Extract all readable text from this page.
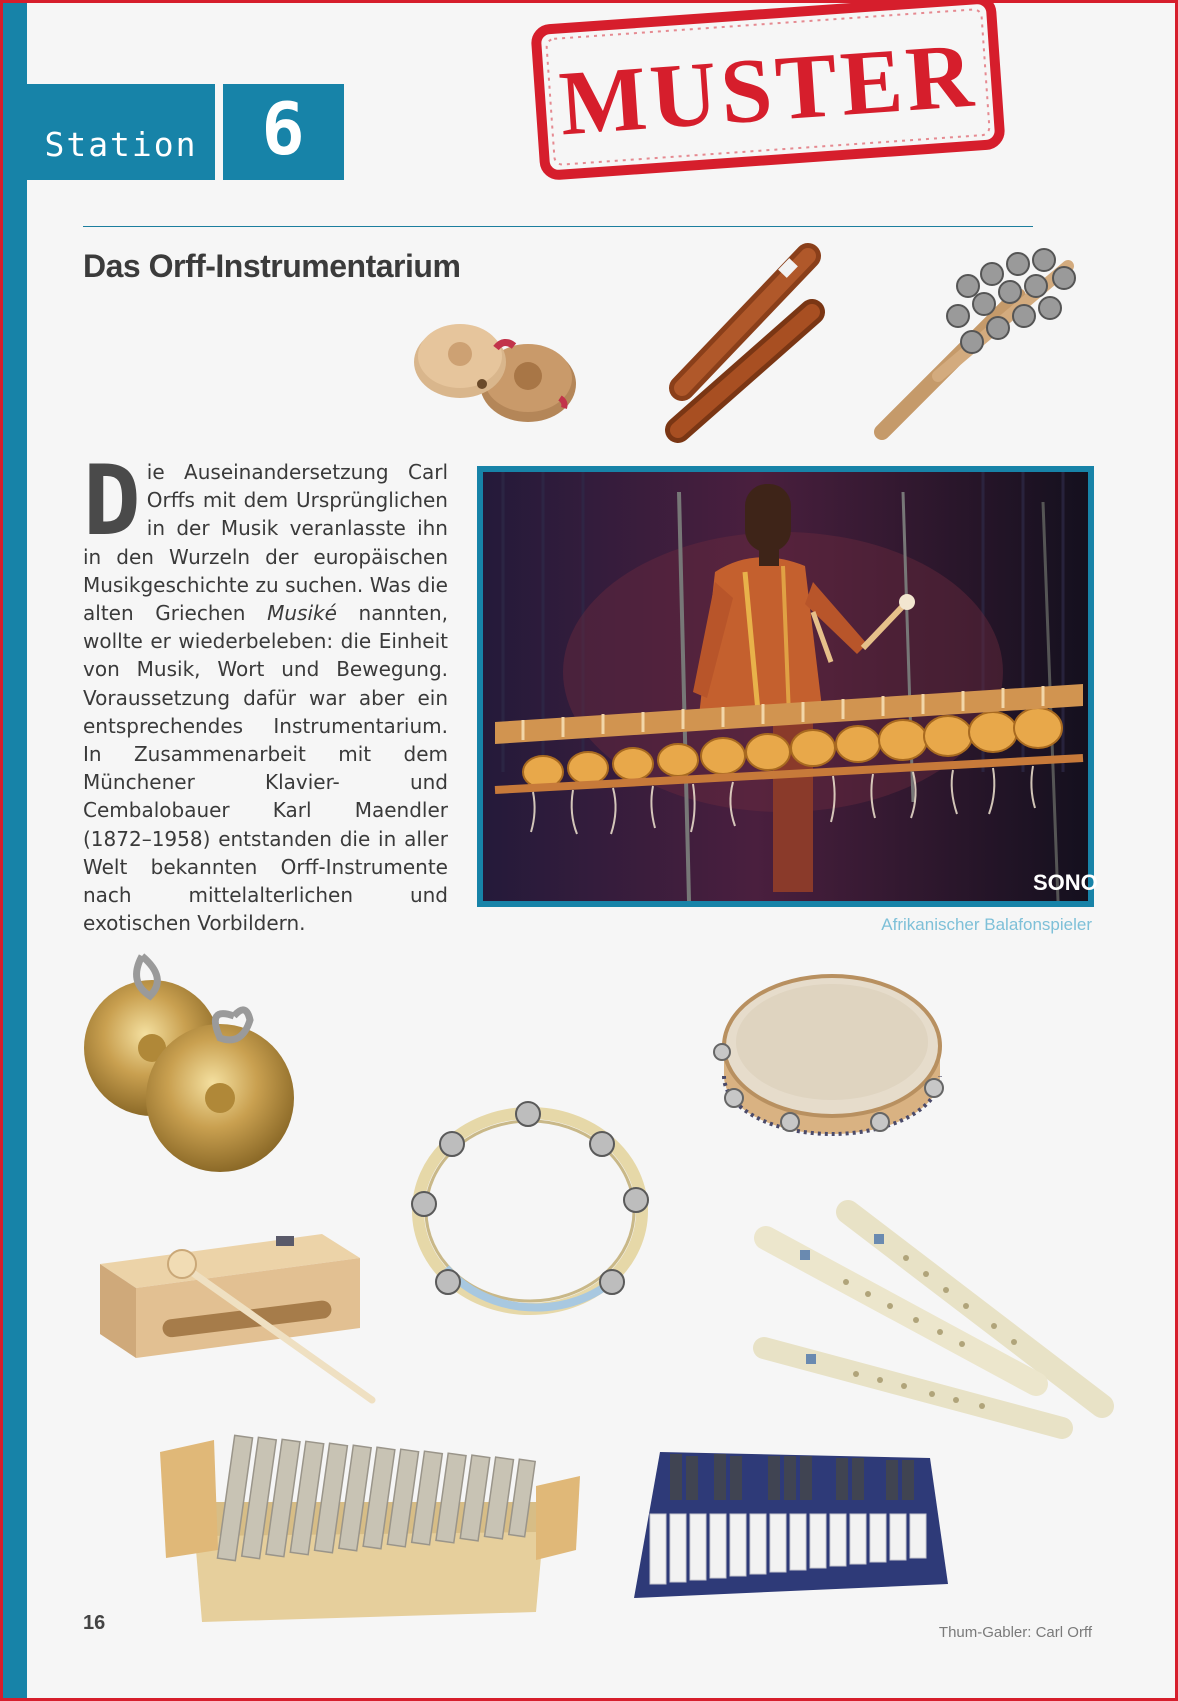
Station 6	MUSTER
Das Orff-Instrumentarium

Die Auseinandersetzung Carl Orffs mit dem Ursprünglichen in der Musik veranlasste ihn in den Wurzeln der europäischen Musikgeschichte zu suchen. Was die alten Griechen Musiké nannten, wollte er wiederbeleben: die Einheit von Musik, Wort und Bewegung. Voraussetzung dafür war aber ein entsprechendes Instrumentarium. In Zusammenarbeit mit dem Münchener Klavier- und Cembalobauer Karl Maendler (1872–1958) entstanden die in aller Welt bekannten Orff-Instrumente nach mittelalterlichen und exotischen Vorbildern.

SONO
Afrikanischer Balafonspieler
16	Thum-Gabler: Carl Orff
